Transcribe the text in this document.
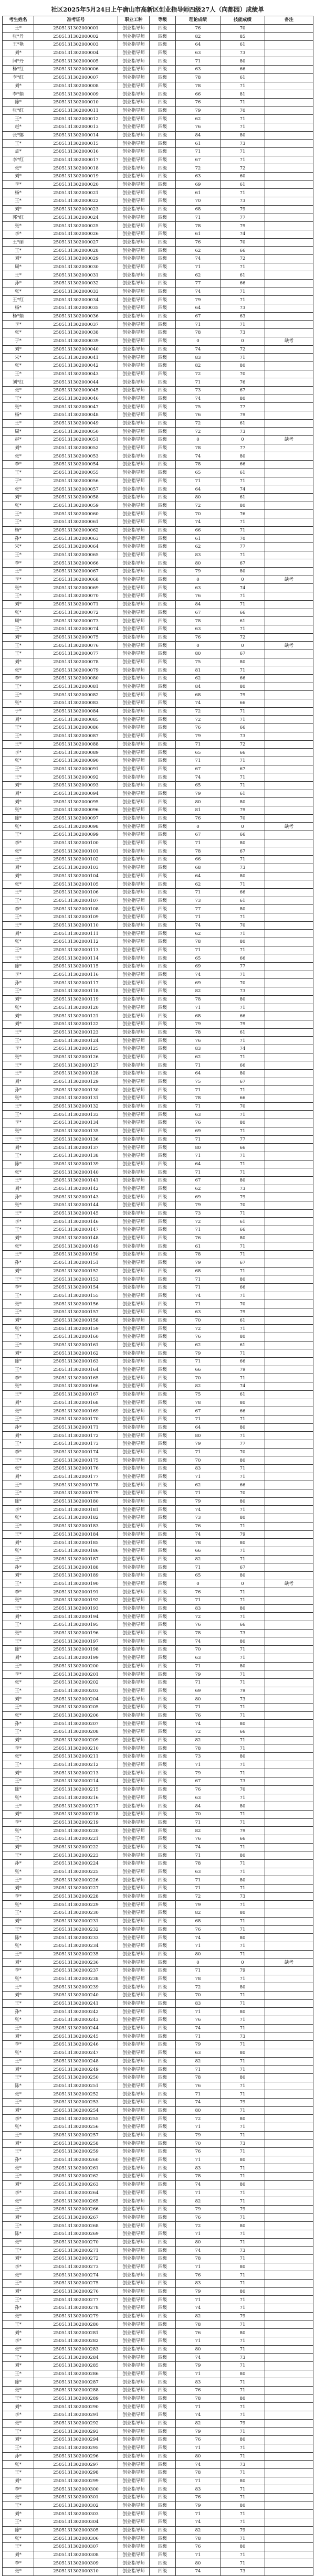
社区2025年5月24日上午唐山市高新区创业指导师四级27人（向都园）成绩单
考生姓名	准考证号	职业工种	等级	理论成绩	技能成绩	备注
王*	2505131302000001	创业指导师	四级	76	70	
张*丹	2505131302000002	创业指导师	四级	82	85	
王*艳	2505131302000003	创业指导师	四级	64	61	
刘*	2505131302000004	创业指导师	四级	63	73	
闫*丹	2505131302000005	创业指导师	四级	71	80	
杨*红	2505131302000006	创业指导师	四级	63	66	
李*红	2505131302000007	创业指导师	四级	78	61	
刘*	2505131302000008	创业指导师	四级	78	71	
李*娟	2505131302000009	创业指导师	四级	66	81	
陈*	2505131302000010	创业指导师	四级	76	71	
张*红	2505131302000011	创业指导师	四级	79	70	
王*	2505131302000012	创业指导师	四级	62	71	
赵*	2505131302000013	创业指导师	四级	76	71	
张*娜	2505131302000014	创业指导师	四级	84	80	
王*	2505131302000015	创业指导师	四级	61	73	
孟*	2505131302000016	创业指导师	四级	71	71	
李*红	2505131302000017	创业指导师	四级	67	71	
张*	2505131302000018	创业指导师	四级	72	72	
刘*	2505131302000019	创业指导师	四级	63	60	
李*	2505131302000020	创业指导师	四级	69	61	
杨*	2505131302000021	创业指导师	四级	61	71	
王*	2505131302000022	创业指导师	四级	70	73	
刘*	2505131302000023	创业指导师	四级	68	79	
郭*红	2505131302000024	创业指导师	四级	71	77	
张*	2505131302000025	创业指导师	四级	78	79	
李*	2505131302000026	创业指导师	四级	61	74	
王*丽	2505131302000027	创业指导师	四级	76	70	
王*	2505131302000028	创业指导师	四级	62	66	
刘*	2505131302000029	创业指导师	四级	74	72	
周*	2505131302000030	创业指导师	四级	71	71	
王*	2505131302000031	创业指导师	四级	62	61	
孙*	2505131302000032	创业指导师	四级	77	66	
张*	2505131302000033	创业指导师	四级	74	71	
王*红	2505131302000034	创业指导师	四级	79	71	
杨*	2505131302000035	创业指导师	四级	64	73	
杨*娟	2505131302000036	创业指导师	四级	67	63	
李*	2505131302000037	创业指导师	四级	71	71	
张*	2505131302000038	创业指导师	四级	78	73	
于*	2505131302000039	创业指导师	四级	0	0	缺考
刘*	2505131302000040	创业指导师	四级	74	72	
宋*	2505131302000041	创业指导师	四级	83	71	
张*	2505131302000042	创业指导师	四级	82	80	
王*	2505131302000043	创业指导师	四级	72	70	
刘*红	2505131302000044	创业指导师	四级	71	76	
张*	2505131302000045	创业指导师	四级	73	67	
王*	2505131302000046	创业指导师	四级	74	80	
张*	2505131302000047	创业指导师	四级	75	77	
杨*	2505131302000048	创业指导师	四级	76	79	
王*	2505131302000049	创业指导师	四级	72	61	
周*	2505131302000050	创业指导师	四级	72	73	
赵*	2505131302000051	创业指导师	四级	0	0	缺考
刘*	2505131302000052	创业指导师	四级	78	77	
张*	2505131302000053	创业指导师	四级	74	80	
李*	2505131302000054	创业指导师	四级	78	66	
王*	2505131302000055	创业指导师	四级	65	61	
于*	2505131302000056	创业指导师	四级	71	71	
张*	2505131302000057	创业指导师	四级	64	74	
刘*	2505131302000058	创业指导师	四级	80	61	
张*	2505131302000059	创业指导师	四级	72	80	
王*	2505131302000060	创业指导师	四级	70	76	
王*	2505131302000061	创业指导师	四级	74	71	
杨*	2505131302000062	创业指导师	四级	66	71	
孙*	2505131302000063	创业指导师	四级	61	70	
宋*	2505131302000064	创业指导师	四级	62	77	
王*	2505131302000065	创业指导师	四级	83	71	
李*	2505131302000066	创业指导师	四级	80	67	
王*	2505131302000067	创业指导师	四级	79	80	
李*	2505131302000068	创业指导师	四级	0	0	缺考
张*	2505131302000069	创业指导师	四级	63	74	
王*	2505131302000070	创业指导师	四级	76	71	
刘*	2505131302000071	创业指导师	四级	84	71	
张*	2505131302000072	创业指导师	四级	67	66	
周*	2505131302000073	创业指导师	四级	78	61	
王*	2505131302000074	创业指导师	四级	63	71	
刘*	2505131302000075	创业指导师	四级	76	72	
王*	2505131302000076	创业指导师	四级	0	0	缺考
王*	2505131302000077	创业指导师	四级	80	67	
刘*	2505131302000078	创业指导师	四级	75	80	
张*	2505131302000079	创业指导师	四级	81	71	
李*	2505131302000080	创业指导师	四级	62	66	
王*	2505131302000081	创业指导师	四级	84	80	
王*	2505131302000082	创业指导师	四级	68	79	
张*	2505131302000083	创业指导师	四级	74	66	
于*	2505131302000084	创业指导师	四级	72	71	
刘*	2505131302000085	创业指导师	四级	72	71	
王*	2505131302000086	创业指导师	四级	76	66	
王*	2505131302000087	创业指导师	四级	79	73	
王*	2505131302000088	创业指导师	四级	71	72	
李*	2505131302000089	创业指导师	四级	65	66	
张*	2505131302000090	创业指导师	四级	71	71	
王*	2505131302000091	创业指导师	四级	67	67	
王*	2505131302000092	创业指导师	四级	74	71	
刘*	2505131302000093	创业指导师	四级	65	71	
刘*	2505131302000094	创业指导师	四级	79	61	
刘*	2505131302000095	创业指导师	四级	80	80	
张*	2505131302000096	创业指导师	四级	81	79	
陈*	2505131302000097	创业指导师	四级	76	70	
张*	2505131302000098	创业指导师	四级	0	0	缺考
王*	2505131302000099	创业指导师	四级	67	66	
李*	2505131302000100	创业指导师	四级	71	80	
张*	2505131302000101	创业指导师	四级	78	67	
王*	2505131302000102	创业指导师	四级	66	71	
刘*	2505131302000103	创业指导师	四级	68	73	
刘*	2505131302000104	创业指导师	四级	64	80	
张*	2505131302000105	创业指导师	四级	62	71	
王*	2505131302000106	创业指导师	四级	71	66	
王*	2505131302000107	创业指导师	四级	73	61	
李*	2505131302000108	创业指导师	四级	77	80	
王*	2505131302000109	创业指导师	四级	71	71	
王*	2505131302000110	创业指导师	四级	74	70	
刘*	2505131302000111	创业指导师	四级	62	71	
张*	2505131302000112	创业指导师	四级	78	80	
王*	2505131302000113	创业指导师	四级	71	71	
王*	2505131302000114	创业指导师	四级	65	66	
陈*	2505131302000115	创业指导师	四级	69	77	
李*	2505131302000116	创业指导师	四级	74	71	
孙*	2505131302000117	创业指导师	四级	69	70	
王*	2505131302000118	创业指导师	四级	82	73	
刘*	2505131302000119	创业指导师	四级	78	80	
张*	2505131302000120	创业指导师	四级	71	71	
刘*	2505131302000121	创业指导师	四级	68	66	
刘*	2505131302000122	创业指导师	四级	79	79	
王*	2505131302000123	创业指导师	四级	78	61	
王*	2505131302000124	创业指导师	四级	76	71	
李*	2505131302000125	创业指导师	四级	83	74	
张*	2505131302000126	创业指导师	四级	62	71	
王*	2505131302000127	创业指导师	四级	71	66	
王*	2505131302000128	创业指导师	四级	64	80	
刘*	2505131302000129	创业指导师	四级	75	67	
孙*	2505131302000130	创业指导师	四级	71	71	
张*	2505131302000131	创业指导师	四级	78	66	
王*	2505131302000132	创业指导师	四级	71	70	
王*	2505131302000133	创业指导师	四级	63	71	
李*	2505131302000134	创业指导师	四级	76	80	
张*	2505131302000135	创业指导师	四级	69	71	
王*	2505131302000136	创业指导师	四级	71	77	
刘*	2505131302000137	创业指导师	四级	80	66	
王*	2505131302000138	创业指导师	四级	71	71	
陈*	2505131302000139	创业指导师	四级	64	71	
张*	2505131302000140	创业指导师	四级	71	71	
王*	2505131302000141	创业指导师	四级	67	80	
刘*	2505131302000142	创业指导师	四级	62	73	
孙*	2505131302000143	创业指导师	四级	69	79	
张*	2505131302000144	创业指导师	四级	79	70	
王*	2505131302000145	创业指导师	四级	73	71	
李*	2505131302000146	创业指导师	四级	72	61	
王*	2505131302000147	创业指导师	四级	71	66	
刘*	2505131302000148	创业指导师	四级	76	80	
张*	2505131302000149	创业指导师	四级	61	71	
王*	2505131302000150	创业指导师	四级	78	71	
孙*	2505131302000151	创业指导师	四级	79	67	
刘*	2505131302000152	创业指导师	四级	68	71	
王*	2505131302000153	创业指导师	四级	71	80	
李*	2505131302000154	创业指导师	四级	71	66	
王*	2505131302000155	创业指导师	四级	74	71	
张*	2505131302000156	创业指导师	四级	71	70	
王*	2505131302000157	创业指导师	四级	63	79	
刘*	2505131302000158	创业指导师	四级	70	61	
张*	2505131302000159	创业指导师	四级	72	71	
王*	2505131302000160	创业指导师	四级	76	80	
王*	2505131302000161	创业指导师	四级	62	61	
刘*	2505131302000162	创业指导师	四级	79	71	
陈*	2505131302000163	创业指导师	四级	71	66	
王*	2505131302000164	创业指导师	四级	66	79	
李*	2505131302000165	创业指导师	四级	70	71	
张*	2505131302000166	创业指导师	四级	82	74	
王*	2505131302000167	创业指导师	四级	75	61	
刘*	2505131302000168	创业指导师	四级	78	80	
张*	2505131302000169	创业指导师	四级	67	66	
王*	2505131302000170	创业指导师	四级	71	71	
孙*	2505131302000171	创业指导师	四级	64	80	
刘*	2505131302000172	创业指导师	四级	80	71	
王*	2505131302000173	创业指导师	四级	79	77	
李*	2505131302000174	创业指导师	四级	71	70	
王*	2505131302000175	创业指导师	四级	70	80	
张*	2505131302000176	创业指导师	四级	83	71	
刘*	2505131302000177	创业指导师	四级	71	71	
王*	2505131302000178	创业指导师	四级	62	66	
王*	2505131302000179	创业指导师	四级	71	70	
陈*	2505131302000180	创业指导师	四级	79	80	
李*	2505131302000181	创业指导师	四级	74	71	
张*	2505131302000182	创业指导师	四级	73	80	
王*	2505131302000183	创业指导师	四级	76	71	
王*	2505131302000184	创业指导师	四级	74	79	
刘*	2505131302000185	创业指导师	四级	78	80	
张*	2505131302000186	创业指导师	四级	66	71	
王*	2505131302000187	创业指导师	四级	82	71	
孙*	2505131302000188	创业指导师	四级	71	67	
刘*	2505131302000189	创业指导师	四级	65	80	
王*	2505131302000190	创业指导师	四级	0	0	缺考
李*	2505131302000191	创业指导师	四级	76	71	
张*	2505131302000192	创业指导师	四级	71	71	
王*	2505131302000193	创业指导师	四级	83	80	
刘*	2505131302000194	创业指导师	四级	72	71	
王*	2505131302000195	创业指导师	四级	76	66	
张*	2505131302000196	创业指导师	四级	78	73	
王*	2505131302000197	创业指导师	四级	74	80	
陈*	2505131302000198	创业指导师	四级	70	71	
刘*	2505131302000199	创业指导师	四级	63	71	
王*	2505131302000200	创业指导师	四级	71	80	
李*	2505131302000201	创业指导师	四级	79	71	
张*	2505131302000202	创业指导师	四级	71	71	
王*	2505131302000203	创业指导师	四级	69	79	
刘*	2505131302000204	创业指导师	四级	80	73	
王*	2505131302000205	创业指导师	四级	71	71	
张*	2505131302000206	创业指导师	四级	76	71	
孙*	2505131302000207	创业指导师	四级	74	80	
王*	2505131302000208	创业指导师	四级	72	66	
刘*	2505131302000209	创业指导师	四级	82	71	
李*	2505131302000210	创业指导师	四级	78	71	
张*	2505131302000211	创业指导师	四级	73	80	
王*	2505131302000212	创业指导师	四级	71	71	
刘*	2505131302000213	创业指导师	四级	79	71	
王*	2505131302000214	创业指导师	四级	67	73	
陈*	2505131302000215	创业指导师	四级	76	70	
张*	2505131302000216	创业指导师	四级	63	71	
王*	2505131302000217	创业指导师	四级	84	80	
刘*	2505131302000218	创业指导师	四级	70	71	
李*	2505131302000219	创业指导师	四级	71	71	
张*	2505131302000220	创业指导师	四级	82	79	
王*	2505131302000221	创业指导师	四级	76	66	
刘*	2505131302000222	创业指导师	四级	74	71	
王*	2505131302000223	创业指导师	四级	71	80	
孙*	2505131302000224	创业指导师	四级	78	71	
张*	2505131302000225	创业指导师	四级	63	71	
王*	2505131302000226	创业指导师	四级	71	80	
刘*	2505131302000227	创业指导师	四级	71	71	
李*	2505131302000228	创业指导师	四级	72	73	
张*	2505131302000229	创业指导师	四级	79	71	
王*	2505131302000230	创业指导师	四级	82	80	
刘*	2505131302000231	创业指导师	四级	68	71	
王*	2505131302000232	创业指导师	四级	76	71	
陈*	2505131302000233	创业指导师	四级	74	80	
张*	2505131302000234	创业指导师	四级	71	71	
王*	2505131302000235	创业指导师	四级	80	71	
刘*	2505131302000236	创业指导师	四级	0	0	缺考
李*	2505131302000237	创业指导师	四级	71	79	
张*	2505131302000238	创业指导师	四级	78	71	
王*	2505131302000239	创业指导师	四级	72	80	
刘*	2505131302000240	创业指导师	四级	70	71	
王*	2505131302000241	创业指导师	四级	83	71	
孙*	2505131302000242	创业指导师	四级	71	80	
张*	2505131302000243	创业指导师	四级	76	71	
王*	2505131302000244	创业指导师	四级	74	71	
刘*	2505131302000245	创业指导师	四级	71	73	
李*	2505131302000246	创业指导师	四级	79	71	
张*	2505131302000247	创业指导师	四级	63	80	
王*	2505131302000248	创业指导师	四级	82	71	
刘*	2505131302000249	创业指导师	四级	71	71	
王*	2505131302000250	创业指导师	四级	78	80	
陈*	2505131302000251	创业指导师	四级	76	71	
张*	2505131302000252	创业指导师	四级	71	71	
王*	2505131302000253	创业指导师	四级	74	79	
刘*	2505131302000254	创业指导师	四级	80	71	
李*	2505131302000255	创业指导师	四级	72	80	
张*	2505131302000256	创业指导师	四级	71	71	
王*	2505131302000257	创业指导师	四级	79	71	
刘*	2505131302000258	创业指导师	四级	70	73	
王*	2505131302000259	创业指导师	四级	76	71	
孙*	2505131302000260	创业指导师	四级	71	80	
张*	2505131302000261	创业指导师	四级	83	71	
王*	2505131302000262	创业指导师	四级	78	71	
刘*	2505131302000263	创业指导师	四级	74	80	
李*	2505131302000264	创业指导师	四级	71	71	
张*	2505131302000265	创业指导师	四级	82	71	
王*	2505131302000266	创业指导师	四级	79	79	
刘*	2505131302000267	创业指导师	四级	76	71	
王*	2505131302000268	创业指导师	四级	72	80	
陈*	2505131302000269	创业指导师	四级	71	71	
张*	2505131302000270	创业指导师	四级	80	71	
王*	2505131302000271	创业指导师	四级	74	73	
刘*	2505131302000272	创业指导师	四级	78	71	
李*	2505131302000273	创业指导师	四级	71	80	
张*	2505131302000274	创业指导师	四级	76	71	
王*	2505131302000275	创业指导师	四级	83	71	
刘*	2505131302000276	创业指导师	四级	79	80	
王*	2505131302000277	创业指导师	四级	71	71	
孙*	2505131302000278	创业指导师	四级	74	71	
张*	2505131302000279	创业指导师	四级	82	79	
王*	2505131302000280	创业指导师	四级	78	71	
刘*	2505131302000281	创业指导师	四级	76	80	
李*	2505131302000282	创业指导师	四级	71	71	
张*	2505131302000283	创业指导师	四级	80	71	
王*	2505131302000284	创业指导师	四级	74	73	
刘*	2505131302000285	创业指导师	四级	79	71	
王*	2505131302000286	创业指导师	四级	71	80	
陈*	2505131302000287	创业指导师	四级	83	71	
张*	2505131302000288	创业指导师	四级	76	71	
王*	2505131302000289	创业指导师	四级	78	80	
刘*	2505131302000290	创业指导师	四级	71	71	
李*	2505131302000291	创业指导师	四级	74	71	
张*	2505131302000292	创业指导师	四级	82	79	
王*	2505131302000293	创业指导师	四级	79	71	
刘*	2505131302000294	创业指导师	四级	76	80	
王*	2505131302000295	创业指导师	四级	71	71	
孙*	2505131302000296	创业指导师	四级	80	71	
张*	2505131302000297	创业指导师	四级	74	73	
王*	2505131302000298	创业指导师	四级	78	71	
刘*	2505131302000299	创业指导师	四级	71	80	
李*	2505131302000300	创业指导师	四级	83	71	
张*	2505131302000301	创业指导师	四级	76	71	
王*	2505131302000302	创业指导师	四级	79	80	
刘*	2505131302000303	创业指导师	四级	71	71	
王*	2505131302000304	创业指导师	四级	74	71	
陈*	2505131302000305	创业指导师	四级	82	79	
张*	2505131302000306	创业指导师	四级	78	71	
王*	2505131302000307	创业指导师	四级	76	80	
刘*	2505131302000308	创业指导师	四级	71	71	
李*	2505131302000309	创业指导师	四级	80	71	
张*	2505131302000310	创业指导师	四级	74	73	
